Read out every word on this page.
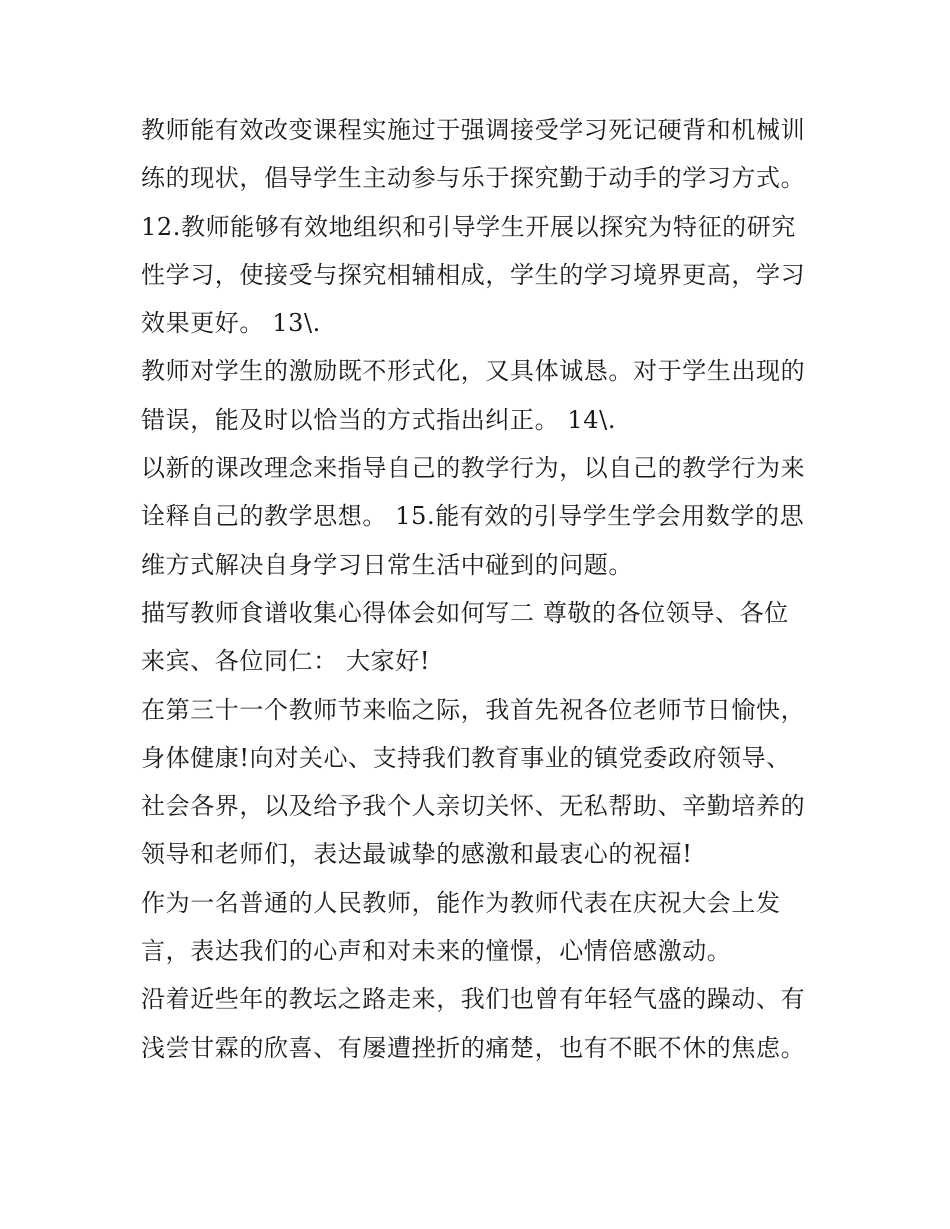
教师能有效改变课程实施过于强调接受学习死记硬背和机械训
练的现状，倡导学生主动参与乐于探究勤于动手的学习方式。
12.教师能够有效地组织和引导学生开展以探究为特征的研究
性学习，使接受与探究相辅相成，学生的学习境界更高，学习
效果更好。 13\.
教师对学生的激励既不形式化，又具体诚恳。对于学生出现的
错误，能及时以恰当的方式指出纠正。 14\.
以新的课改理念来指导自己的教学行为，以自己的教学行为来
诠释自己的教学思想。 15.能有效的引导学生学会用数学的思
维方式解决自身学习日常生活中碰到的问题。
描写教师食谱收集心得体会如何写二 尊敬的各位领导、各位
来宾、各位同仁： 大家好!
在第三十一个教师节来临之际，我首先祝各位老师节日愉快，
身体健康!向对关心、支持我们教育事业的镇党委政府领导、
社会各界，以及给予我个人亲切关怀、无私帮助、辛勤培养的
领导和老师们，表达最诚挚的感激和最衷心的祝福!
作为一名普通的人民教师，能作为教师代表在庆祝大会上发
言，表达我们的心声和对未来的憧憬，心情倍感激动。
沿着近些年的教坛之路走来，我们也曾有年轻气盛的躁动、有
浅尝甘霖的欣喜、有屡遭挫折的痛楚，也有不眠不休的焦虑。
